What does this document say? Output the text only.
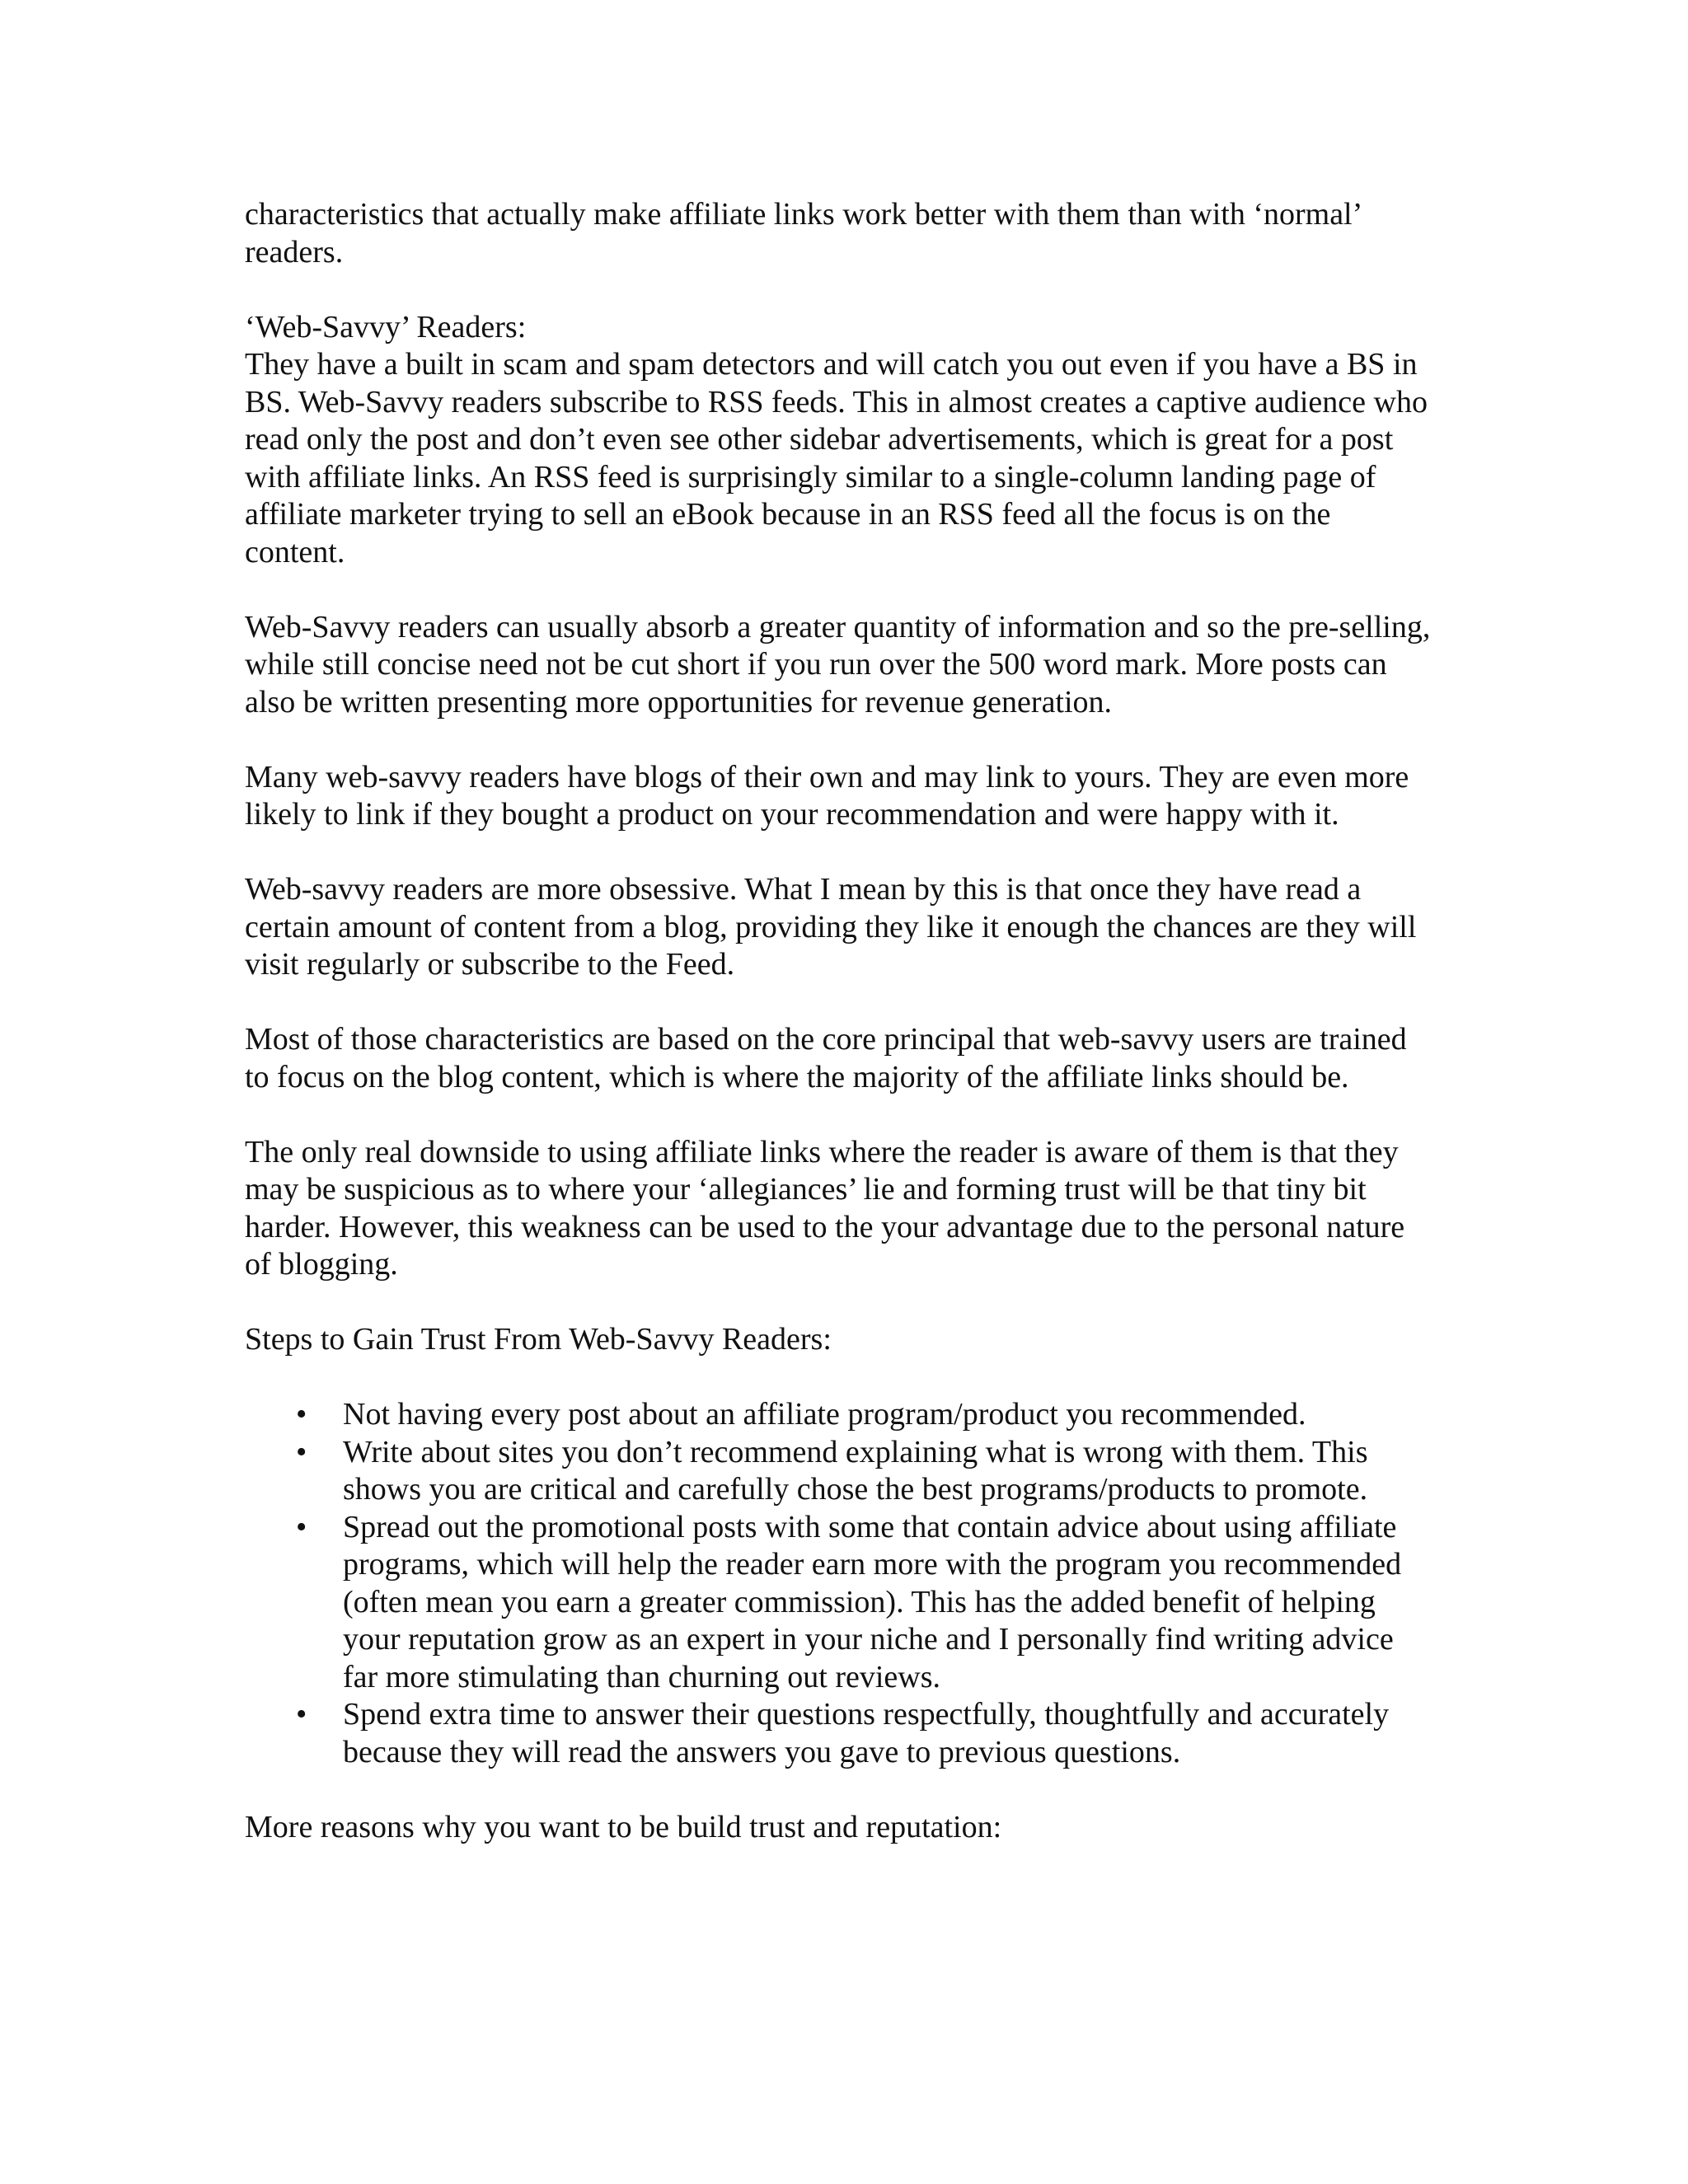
characteristics that actually make affiliate links work better with them than with ‘normal’ readers.
‘Web-Savvy’ Readers:
They have a built in scam and spam detectors and will catch you out even if you have a BS in BS. Web-Savvy readers subscribe to RSS feeds. This in almost creates a captive audience who read only the post and don’t even see other sidebar advertisements, which is great for a post with affiliate links. An RSS feed is surprisingly similar to a single-column landing page of affiliate marketer trying to sell an eBook because in an RSS feed all the focus is on the content.
Web-Savvy readers can usually absorb a greater quantity of information and so the pre-selling, while still concise need not be cut short if you run over the 500 word mark. More posts can also be written presenting more opportunities for revenue generation.
Many web-savvy readers have blogs of their own and may link to yours. They are even more likely to link if they bought a product on your recommendation and were happy with it.
Web-savvy readers are more obsessive. What I mean by this is that once they have read a certain amount of content from a blog, providing they like it enough the chances are they will visit regularly or subscribe to the Feed.
Most of those characteristics are based on the core principal that web-savvy users are trained to focus on the blog content, which is where the majority of the affiliate links should be.
The only real downside to using affiliate links where the reader is aware of them is that they may be suspicious as to where your ‘allegiances’ lie and forming trust will be that tiny bit harder. However, this weakness can be used to the your advantage due to the personal nature of blogging.
Steps to Gain Trust From Web-Savvy Readers:
• Not having every post about an affiliate program/product you recommended.
• Write about sites you don’t recommend explaining what is wrong with them. This shows you are critical and carefully chose the best programs/products to promote.
• Spread out the promotional posts with some that contain advice about using affiliate programs, which will help the reader earn more with the program you recommended (often mean you earn a greater commission). This has the added benefit of helping your reputation grow as an expert in your niche and I personally find writing advice far more stimulating than churning out reviews.
• Spend extra time to answer their questions respectfully, thoughtfully and accurately because they will read the answers you gave to previous questions.
More reasons why you want to be build trust and reputation:
